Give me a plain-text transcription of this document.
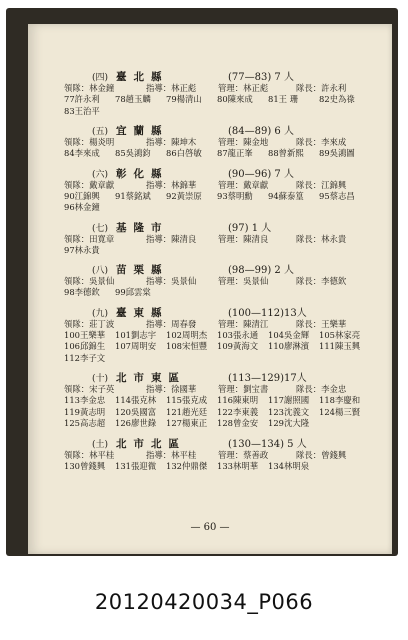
(四) 臺北縣	(77—83) 7 人
領隊：林金鐘	指導：林正彪	管理：林正彪	隊長：許永利
77許永利 78趙玉麟 79楊清山 80陳來成 81王 珊 82史為祿83王治平
(五) 宜蘭縣	(84—89) 6 人
領隊：楊炎明	指導：陳坤木	管理：陳金地	隊長：李來成
84李來成 85吳鴻鈞 86白啓敏 87龍正峯 88曾新熙 89吳鴻圖
(六) 彰化縣	(90—96) 7 人
領隊：戴章獻	指導：林錦華	管理：戴章獻	隊長：江錦興
90江錦興 91蔡銘斌 92黃崇原 93蔡明勳 94蘇泰篁 95蔡志昌96林金鐘
(七) 基隆市	(97) 1 人
領隊：田寬章	指導：陳清良	管理：陳清良	隊長：林永貴
97林永貴
(八) 苗栗縣	(98—99) 2 人
領隊：吳景仙	指導：吳景仙	管理：吳景仙	隊長：李德欽
98李德欽 99邱雲棠
(九) 臺東縣	(100—112)13人
領隊：莊丁波	指導：周春發	管理：陳清江	隊長：王樂華
100王樂華 101劉志宇 102周明杰 103張永通 104吳金輝 105林家亮106邱錦生 107周明安 108宋恒豐 109黃海文 110廖淋濱 111陳玉興112李子文
(十) 北市東區	(113—129)17人
領隊：宋子英	指導：徐國華	管理：劉宝書	隊長：李金忠
113李金忠 114張克林 115張克成 116陳東明 117謝照國 118李慶和119黃志明 120吳國富 121趙光廷 122李東義 123沈義文 124楊三賢125高志超 126廖世錄 127楊東正 128曾金安 129沈大隆
(土) 北市北區	(130—134) 5 人
領隊：林平桂	指導：林平桂	管理：蔡善政	隊長：曾錢興
130曾錢興 131張迎微 132仲鼎傑 133林明華 134林明泉
— 60 —
20120420034_P066
